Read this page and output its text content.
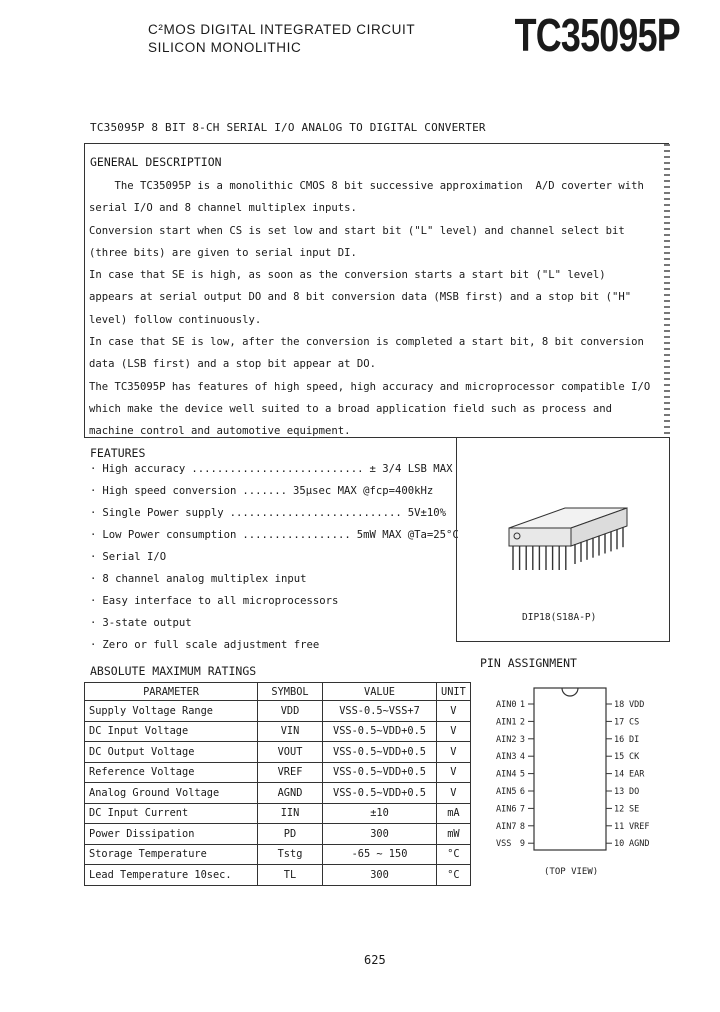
C²MOS DIGITAL INTEGRATED CIRCUIT
SILICON MONOLITHIC	TC35095P
TC35095P 8 BIT 8-CH SERIAL I/O ANALOG TO DIGITAL CONVERTER
GENERAL DESCRIPTION

The TC35095P is a monolithic CMOS 8 bit successive approximation  A/D coverter with

serial I/O and 8 channel multiplex inputs.

Conversion start when CS is set low and start bit ("L" level) and channel select bit

(three bits) are given to serial input DI.

In case that SE is high, as soon as the conversion starts a start bit ("L" level)

appears at serial output DO and 8 bit conversion data (MSB first) and a stop bit ("H"

level) follow continuously.

In case that SE is low, after the conversion is completed a start bit, 8 bit conversion

data (LSB first) and a stop bit appear at DO.

The TC35095P has features of high speed, high accuracy and microprocessor compatible I/O

which make the device well suited to a broad application field such as process and

machine control and automotive equipment.

FEATURES
· High accuracy ........................... ± 3/4 LSB MAX
· High speed conversion ....... 35μsec MAX @fcp=400kHz
· Single Power supply ........................... 5V±10%
· Low Power consumption ................. 5mW MAX @Ta=25°C
· Serial I/O
· 8 channel analog multiplex input
· Easy interface to all microprocessors
· 3-state output
· Zero or full scale adjustment free
DIP18(S18A-P)
ABSOLUTE MAXIMUM RATINGS
PARAMETER	SYMBOL	VALUE	UNIT
Supply Voltage Range	VDD	VSS-0.5~VSS+7	V
DC Input Voltage	VIN	VSS-0.5~VDD+0.5	V
DC Output Voltage	VOUT	VSS-0.5~VDD+0.5	V
Reference Voltage	VREF	VSS-0.5~VDD+0.5	V
Analog Ground Voltage	AGND	VSS-0.5~VDD+0.5	V
DC Input Current	IIN	±10	mA
Power Dissipation	PD	300	mW
Storage Temperature	Tstg	-65 ~ 150	°C
Lead Temperature 10sec.	TL	300	°C
PIN ASSIGNMENT
(TOP VIEW)
AIN0 1
AIN1 2
AIN2 3
AIN3 4
AIN4 5
AIN5 6
AIN6 7
AIN7 8
VSS 9
18 VDD
17 CS
16 DI
15 CK
14 EAR
13 DO
12 SE
11 VREF
10 AGND
625
